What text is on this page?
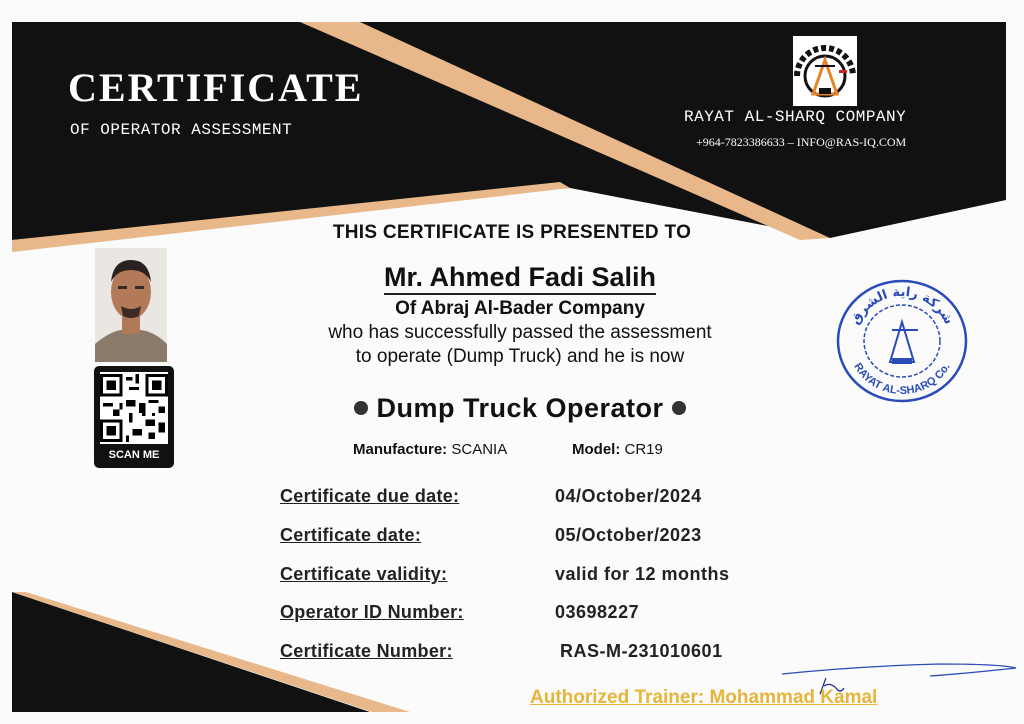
CERTIFICATE
OF OPERATOR ASSESSMENT
RAYAT AL-SHARQ COMPANY
+964-7823386633 – INFO@RAS-IQ.COM
SCAN ME
THIS CERTIFICATE IS PRESENTED TO
Mr. Ahmed Fadi Salih
Of Abraj Al-Bader Company
who has successfully passed the assessment
to operate (Dump Truck) and he is now
Dump Truck Operator
Manufacture: SCANIA	Model: CR19
Certificate due date:	04/October/2024
Certificate date:	05/October/2023
Certificate validity:	valid for 12 months
Operator ID Number:	03698227
Certificate Number:	RAS-M-231010601
شركة راية الشرق
RAYAT AL-SHARQ Co.
Authorized Trainer: Mohammad Kamal
